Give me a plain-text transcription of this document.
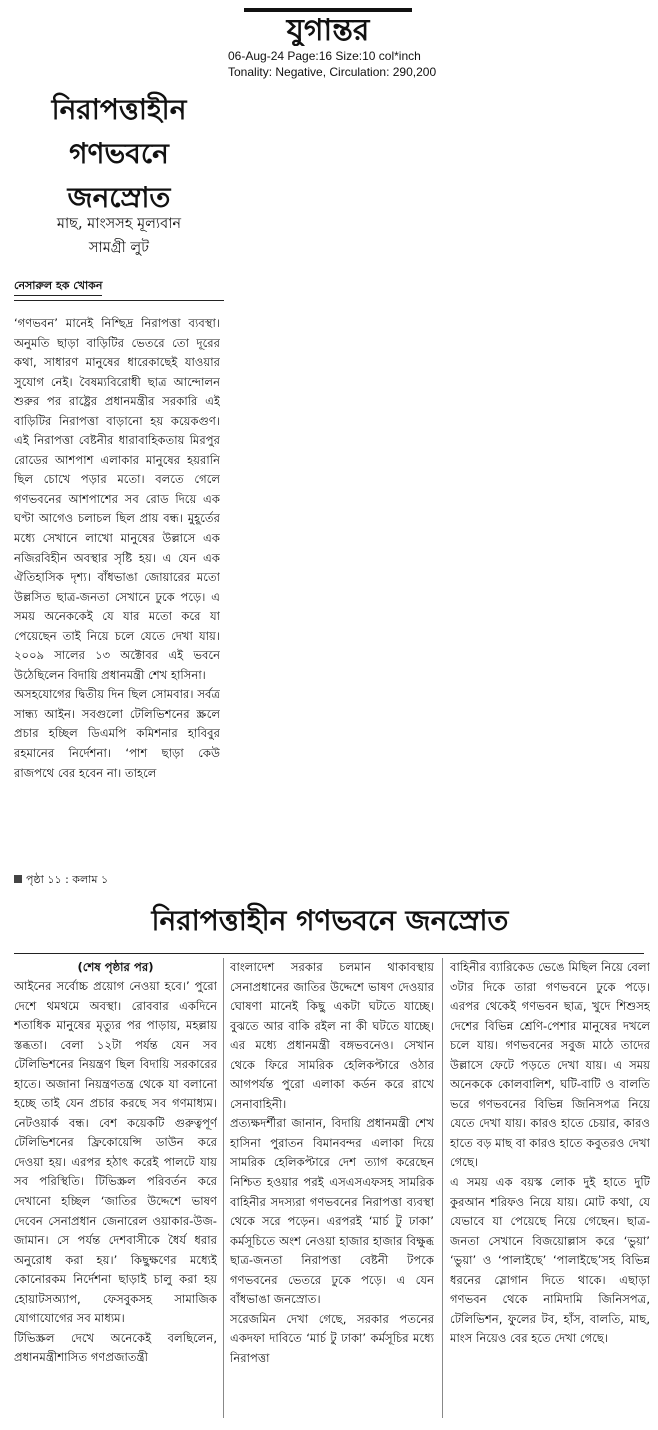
যুগান্তর
06-Aug-24 Page:16 Size:10 col*inch
Tonality: Negative, Circulation: 290,200
নিরাপত্তাহীন
গণভবনে
জনস্রোত
মাছ, মাংসসহ মূল্যবান
সামগ্রী লুট
নেসারুল হক খোকন
‘গণভবন’ মানেই নিশ্ছিদ্র নিরাপত্তা ব্যবস্থা। অনুমতি ছাড়া বাড়িটির ভেতরে তো দূরের কথা, সাধারণ মানুষের ধারেকাছেই যাওয়ার সুযোগ নেই। বৈষম্যবিরোধী ছাত্র আন্দোলন শুরুর পর রাষ্ট্রের প্রধানমন্ত্রীর সরকারি এই বাড়িটির নিরাপত্তা বাড়ানো হয় কয়েকগুণ। এই নিরাপত্তা বেষ্টনীর ধারাবাহিকতায় মিরপুর রোডের আশপাশ এলাকার মানুষের হয়রানি ছিল চোখে পড়ার মতো। বলতে গেলে গণভবনের আশপাশের সব রোড দিয়ে এক ঘণ্টা আগেও চলাচল ছিল প্রায় বন্ধ। মুহূর্তের মধ্যে সেখানে লাখো মানুষের উল্লাসে এক নজিরবিহীন অবস্থার সৃষ্টি হয়। এ যেন এক ঐতিহাসিক দৃশ্য। বাঁধভাঙা জোয়ারের মতো উল্লসিত ছাত্র-জনতা সেখানে ঢুকে পড়ে। এ সময় অনেককেই যে যার মতো করে যা পেয়েছেন তাই নিয়ে চলে যেতে দেখা যায়। ২০০৯ সালের ১৩ অক্টোবর এই ভবনে উঠেছিলেন বিদায়ি প্রধানমন্ত্রী শেখ হাসিনা।
অসহযোগের দ্বিতীয় দিন ছিল সোমবার। সর্বত্র সান্ধ্য আইন। সবগুলো টেলিভিশনের স্ক্রলে প্রচার হচ্ছিল ডিএমপি কমিশনার হাবিবুর রহমানের নির্দেশনা। ‘পাশ ছাড়া কেউ রাজপথে বের হবেন না। তাহলে
পৃষ্ঠা ১১ : কলাম ১
নিরাপত্তাহীন গণভবনে জনস্রোত
(শেষ পৃষ্ঠার পর)
আইনের সর্বোচ্চ প্রয়োগ নেওয়া হবে।’ পুরো দেশে থমথমে অবস্থা। রোববার একদিনে শতাধিক মানুষের মৃত্যুর পর পাড়ায়, মহল্লায় স্তব্ধতা। বেলা ১২টা পর্যন্ত যেন সব টেলিভিশনের নিয়ন্ত্রণ ছিল বিদায়ি সরকারের হাতে। অজানা নিয়ন্ত্রণতন্ত্র থেকে যা বলানো হচ্ছে তাই যেন প্রচার করছে সব গণমাধ্যম। নেটওয়ার্ক বন্ধ। বেশ কয়েকটি গুরুত্বপূর্ণ টেলিভিশনের ফ্রিকোয়েন্সি ডাউন করে দেওয়া হয়। এরপর হঠাৎ করেই পালটে যায় সব পরিস্থিতি। টিভিস্ক্রল পরিবর্তন করে দেখানো হচ্ছিল ‘জাতির উদ্দেশে ভাষণ দেবেন সেনাপ্রধান জেনারেল ওয়াকার-উজ-জামান। সে পর্যন্ত দেশবাসীকে ধৈর্য ধরার অনুরোধ করা হয়।’ কিছুক্ষণের মধ্যেই কোনোরকম নির্দেশনা ছাড়াই চালু করা হয় হোয়াটসঅ্যাপ, ফেসবুকসহ সামাজিক যোগাযোগের সব মাধ্যম।
টিভিস্ক্রল দেখে অনেকেই বলছিলেন, প্রধানমন্ত্রীশাসিত গণপ্রজাতন্ত্রী
বাংলাদেশ সরকার চলমান থাকাবস্থায় সেনাপ্রধানের জাতির উদ্দেশে ভাষণ দেওয়ার ঘোষণা মানেই কিছু একটা ঘটতে যাচ্ছে। বুঝতে আর বাকি রইল না কী ঘটতে যাচ্ছে। এর মধ্যে প্রধানমন্ত্রী বঙ্গভবনেও। সেখান থেকে ফিরে সামরিক হেলিকপ্টারে ওঠার আগপর্যন্ত পুরো এলাকা কর্ডন করে রাখে সেনাবাহিনী।
প্রত্যক্ষদর্শীরা জানান, বিদায়ি প্রধানমন্ত্রী শেখ হাসিনা পুরাতন বিমানবন্দর এলাকা দিয়ে সামরিক হেলিকপ্টারে দেশ ত্যাগ করেছেন নিশ্চিত হওয়ার পরই এসএসএফসহ সামরিক বাহিনীর সদস্যরা গণভবনের নিরাপত্তা ব্যবস্থা থেকে সরে পড়েন। এরপরই ‘মার্চ টু ঢাকা’ কর্মসূচিতে অংশ নেওয়া হাজার হাজার বিক্ষুব্ধ ছাত্র-জনতা নিরাপত্তা বেষ্টনী টপকে গণভবনের ভেতরে ঢুকে পড়ে। এ যেন বাঁধভাঙা জনস্রোত।
সরেজমিন দেখা গেছে, সরকার পতনের একদফা দাবিতে ‘মার্চ টু ঢাকা’ কর্মসূচির মধ্যে নিরাপত্তা
বাহিনীর ব্যারিকেড ভেঙে মিছিল নিয়ে বেলা ৩টার দিকে তারা গণভবনে ঢুকে পড়ে। এরপর থেকেই গণভবন ছাত্র, খুদে শিশুসহ দেশের বিভিন্ন শ্রেণি-পেশার মানুষের দখলে চলে যায়। গণভবনের সবুজ মাঠে তাদের উল্লাসে ফেটে পড়তে দেখা যায়। এ সময় অনেককে কোলবালিশ, ঘটি-বাটি ও বালতি ভরে গণভবনের বিভিন্ন জিনিসপত্র নিয়ে যেতে দেখা যায়। কারও হাতে চেয়ার, কারও হাতে বড় মাছ বা কারও হাতে কবুতরও দেখা গেছে।
এ সময় এক বয়স্ক লোক দুই হাতে দুটি কুরআন শরিফও নিয়ে যায়। মোট কথা, যে যেভাবে যা পেয়েছে নিয়ে গেছেন। ছাত্র-জনতা সেখানে বিজয়োল্লাস করে ‘ভুয়া’ ‘ভুয়া’ ও ‘পালাইছে’ ‘পালাইছে’সহ বিভিন্ন ধরনের স্লোগান দিতে থাকে। এছাড়া গণভবন থেকে নামিদামি জিনিসপত্র, টেলিভিশন, ফুলের টব, হাঁস, বালতি, মাছ, মাংস নিয়েও বের হতে দেখা গেছে।
